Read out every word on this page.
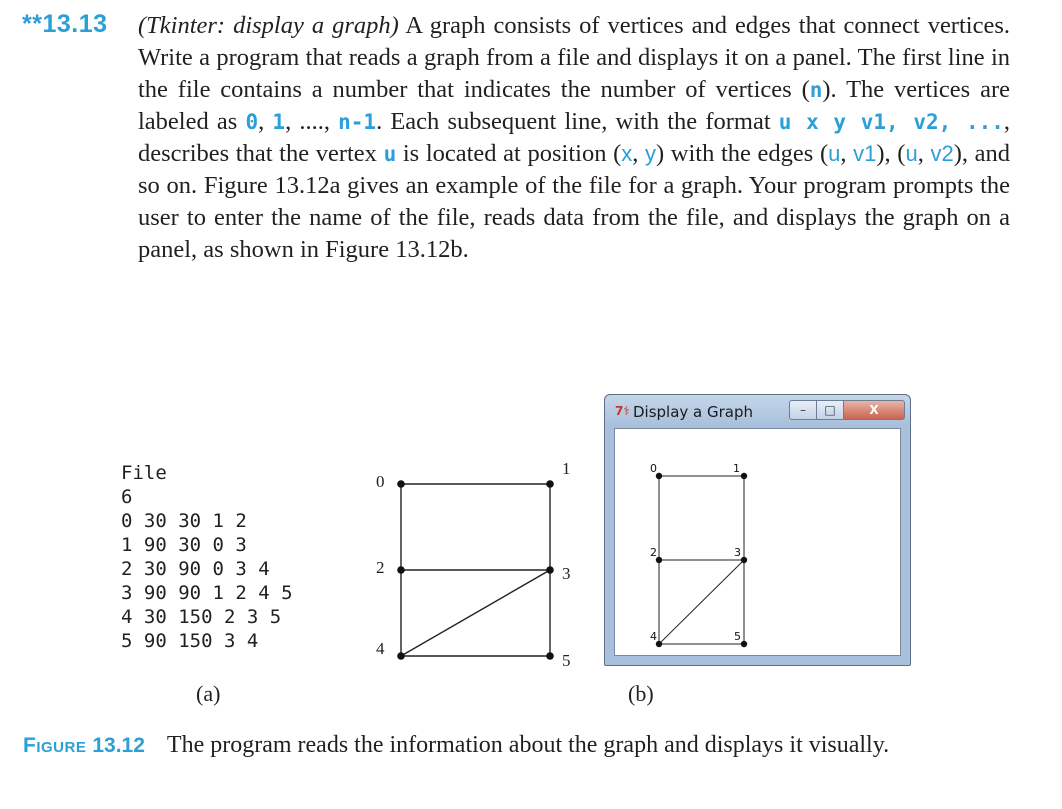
**13.13 (Tkinter: display a graph) A graph consists of vertices and edges that connect vertices. Write a program that reads a graph from a file and displays it on a panel. The first line in the file contains a number that indicates the number of vertices (n). The vertices are labeled as 0, 1, ...., n-1. Each subsequent line, with the format u x y v1, v2, ..., describes that the vertex u is located at position (x, y) with the edges (u, v1), (u, v2), and so on. Figure 13.12a gives an example of the file for a graph. Your program prompts the user to enter the name of the file, reads data from the file, and displays the graph on a panel, as shown in Figure 13.12b.
File
6
0 30 30 1 2
1 90 30 0 3
2 30 90 0 3 4
3 90 90 1 2 4 5
4 30 150 2 3 5
5 90 150 3 4
0
1
2	3
4
5
7⚕ Display a Graph	–	□	X
0	1
2	3
4	5
(a)	(b)
Figure 13.12 The program reads the information about the graph and displays it visually.
